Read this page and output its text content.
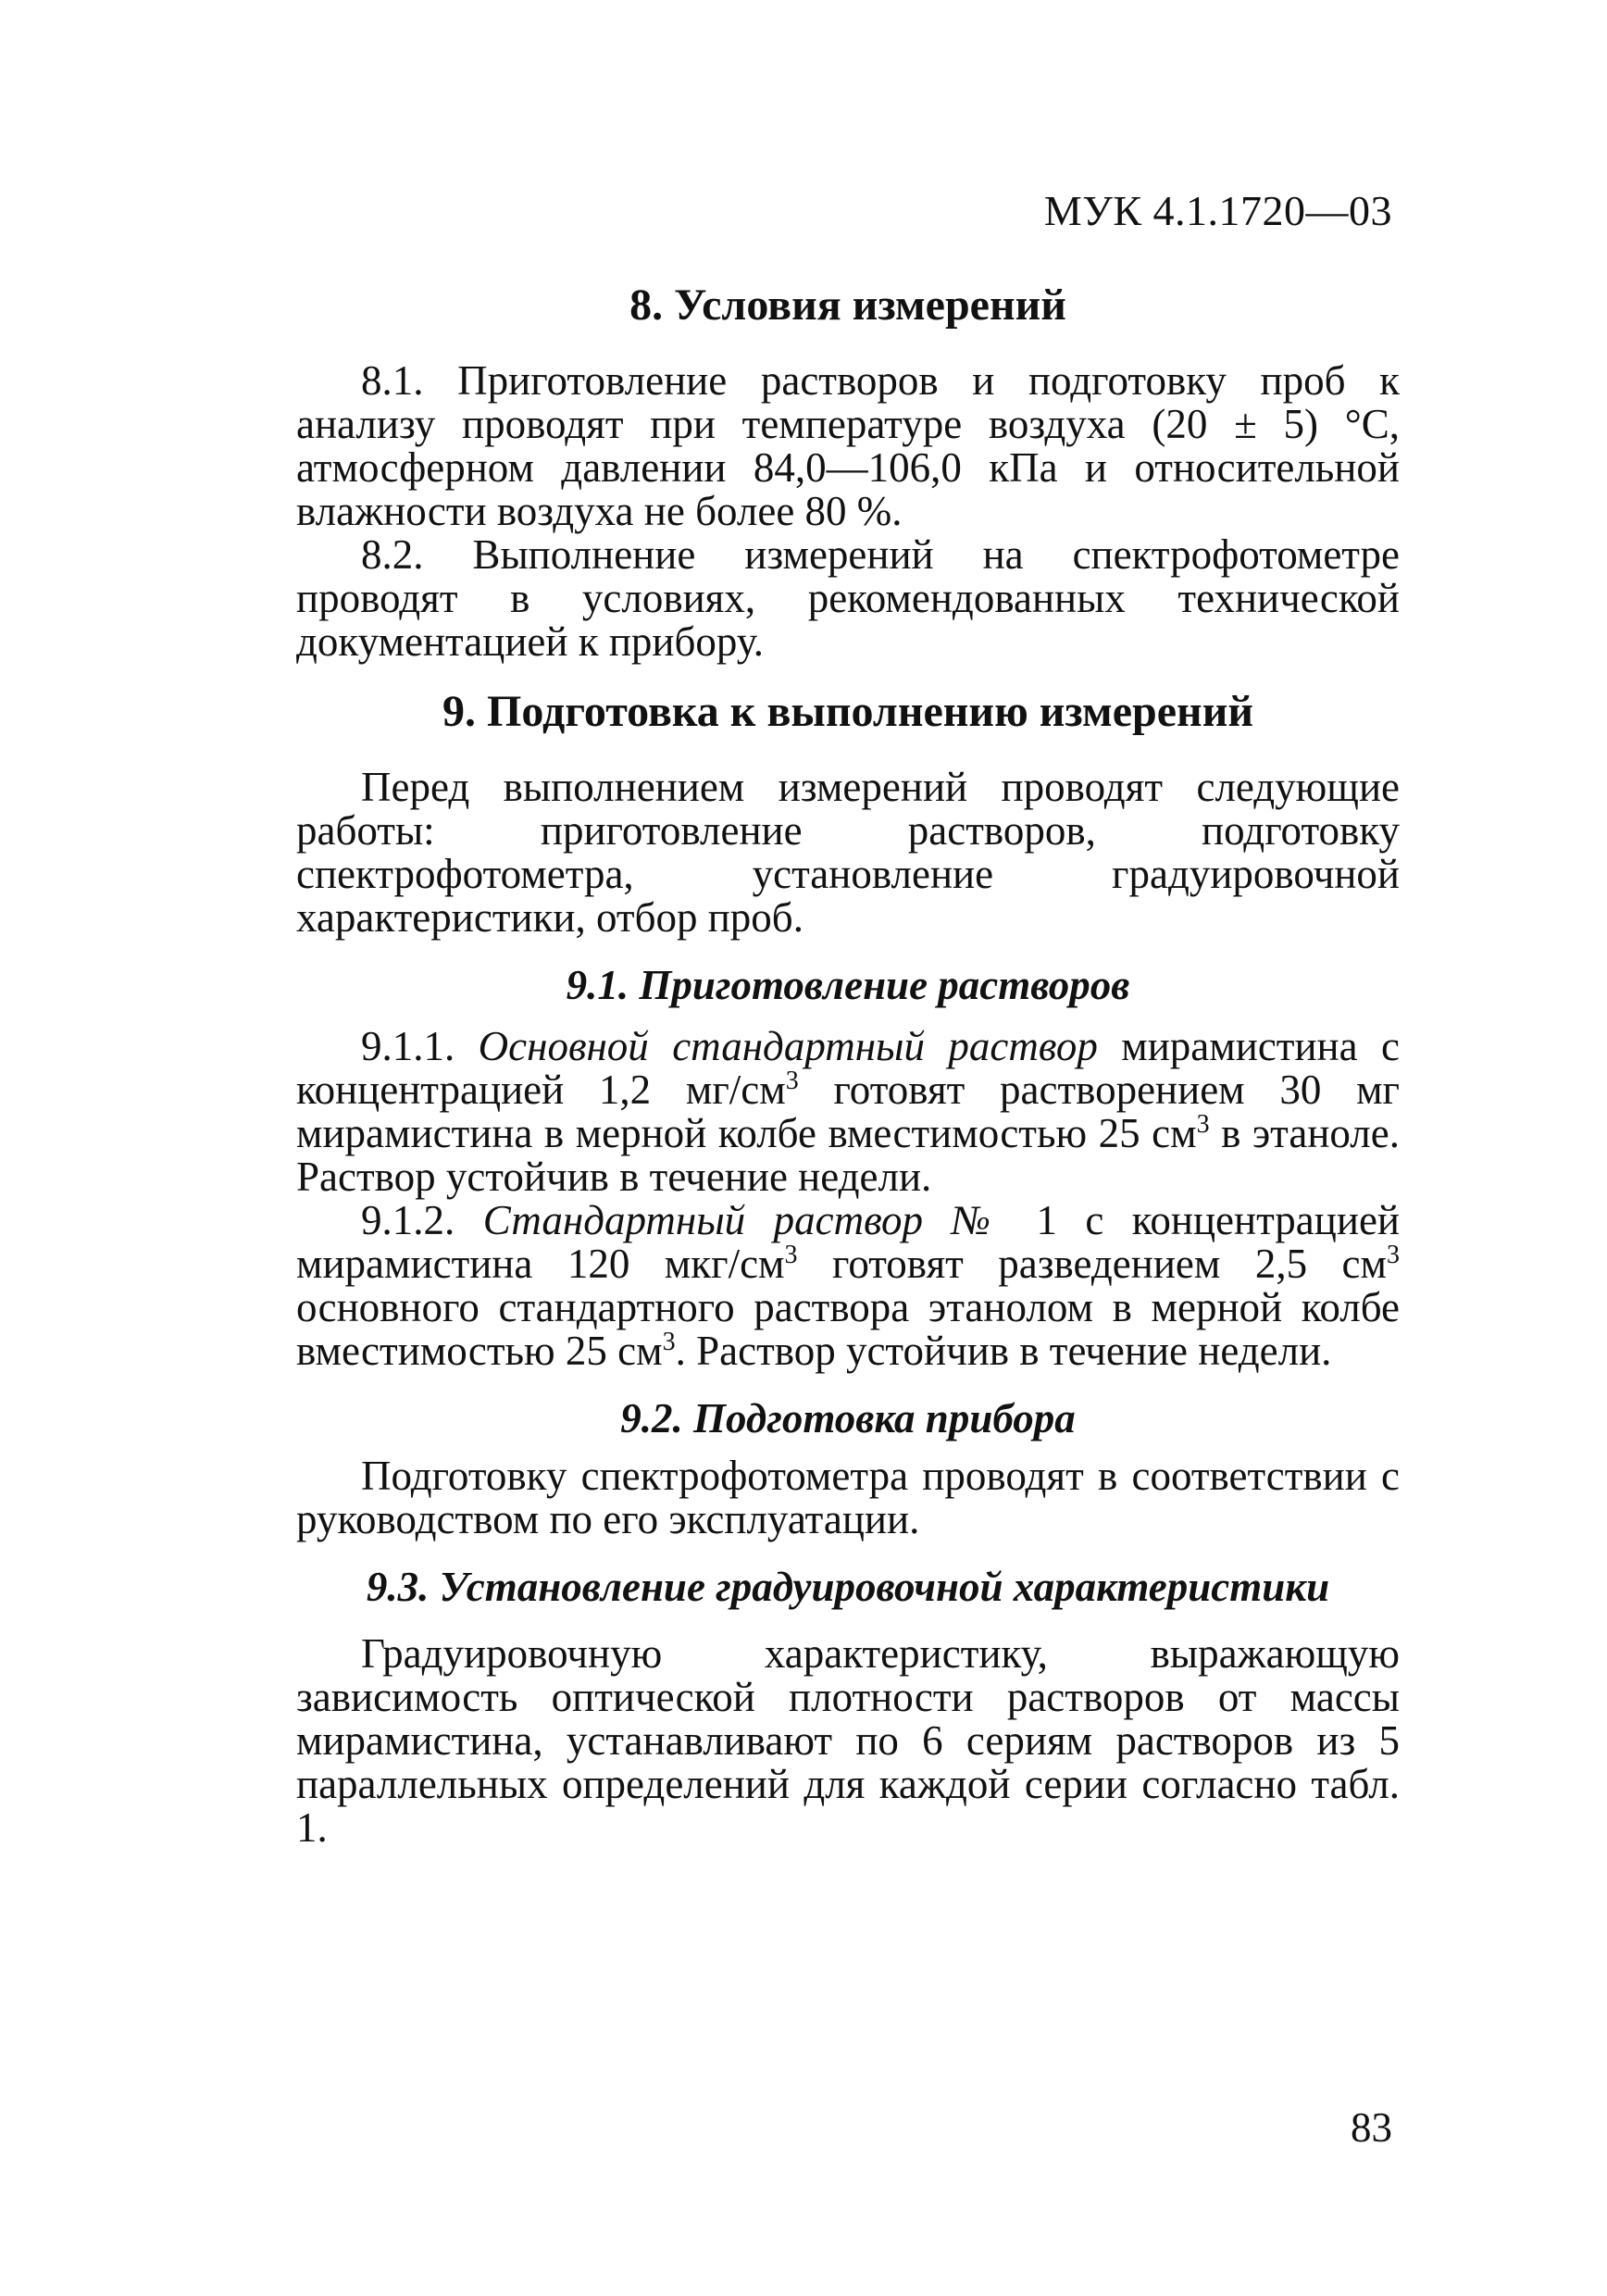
МУК 4.1.1720—03
8. Условия измерений

8.1. Приготовление растворов и подготовку проб к анализу проводят при температуре воздуха (20 ± 5) °С, атмосферном давлении 84,0—106,0 кПа и относительной влажности воздуха не более 80 %.

8.2. Выполнение измерений на спектрофотометре проводят в условиях, рекомендованных технической документацией к прибору.

9. Подготовка к выполнению измерений

Перед выполнением измерений проводят следующие работы: приготовление растворов, подготовку спектрофотометра, установление градуировочной характеристики, отбор проб.

9.1. Приготовление растворов

9.1.1. Основной стандартный раствор мирамистина с концентрацией 1,2 $мг/см^3$ готовят растворением 30 мг мирамистина в мерной колбе вместимостью 25 $см^3$ в этаноле. Раствор устойчив в течение недели.

9.1.2. Стандартный раствор № 1 с концентрацией мирамистина 120 мкг/$см^3$ готовят разведением 2,5 $см^3$ основного стандартного раствора этанолом в мерной колбе вместимостью 25 $см^3$. Раствор устойчив в течение недели.

9.2. Подготовка прибора

Подготовку спектрофотометра проводят в соответствии с руководством по его эксплуатации.

9.3. Установление градуировочной характеристики

Градуировочную характеристику, выражающую зависимость оптической плотности растворов от массы мирамистина, устанавливают по 6 сериям растворов из 5 параллельных определений для каждой серии согласно табл. 1.

83
